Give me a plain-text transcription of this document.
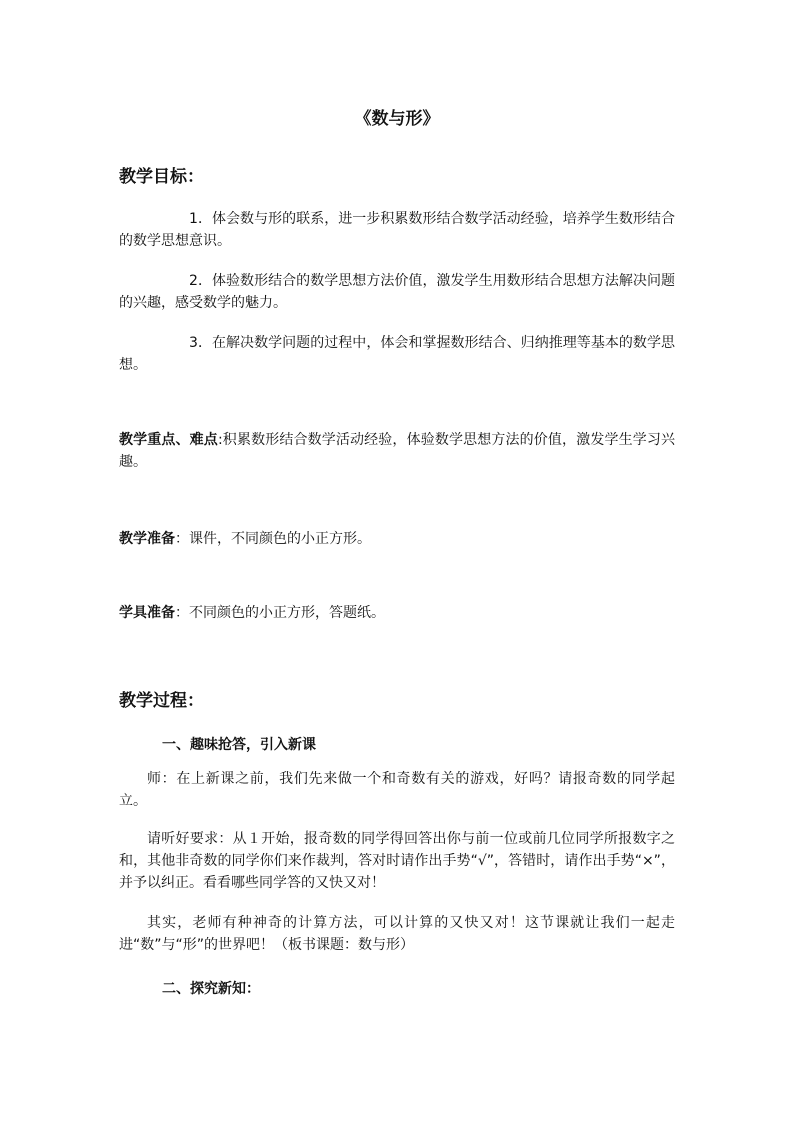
《数与形》
教学目标：
1．体会数与形的联系，进一步积累数形结合数学活动经验，培养学生数形结合的数学思想意识。
2．体验数形结合的数学思想方法价值，激发学生用数形结合思想方法解决问题的兴趣，感受数学的魅力。
3．在解决数学问题的过程中，体会和掌握数形结合、归纳推理等基本的数学思想。
教学重点、难点:积累数形结合数学活动经验，体验数学思想方法的价值，激发学生学习兴趣。
教学准备：课件，不同颜色的小正方形。
学具准备：不同颜色的小正方形，答题纸。
教学过程：
一、趣味抢答，引入新课
师：在上新课之前，我们先来做一个和奇数有关的游戏，好吗？请报奇数的同学起立。
请听好要求：从１开始，报奇数的同学得回答出你与前一位或前几位同学所报数字之和，其他非奇数的同学你们来作裁判，答对时请作出手势“√”，答错时，请作出手势“×”，并予以纠正。看看哪些同学答的又快又对！
其实，老师有种神奇的计算方法，可以计算的又快又对！这节课就让我们一起走进“数”与“形”的世界吧！（板书课题：数与形）
二、探究新知：
